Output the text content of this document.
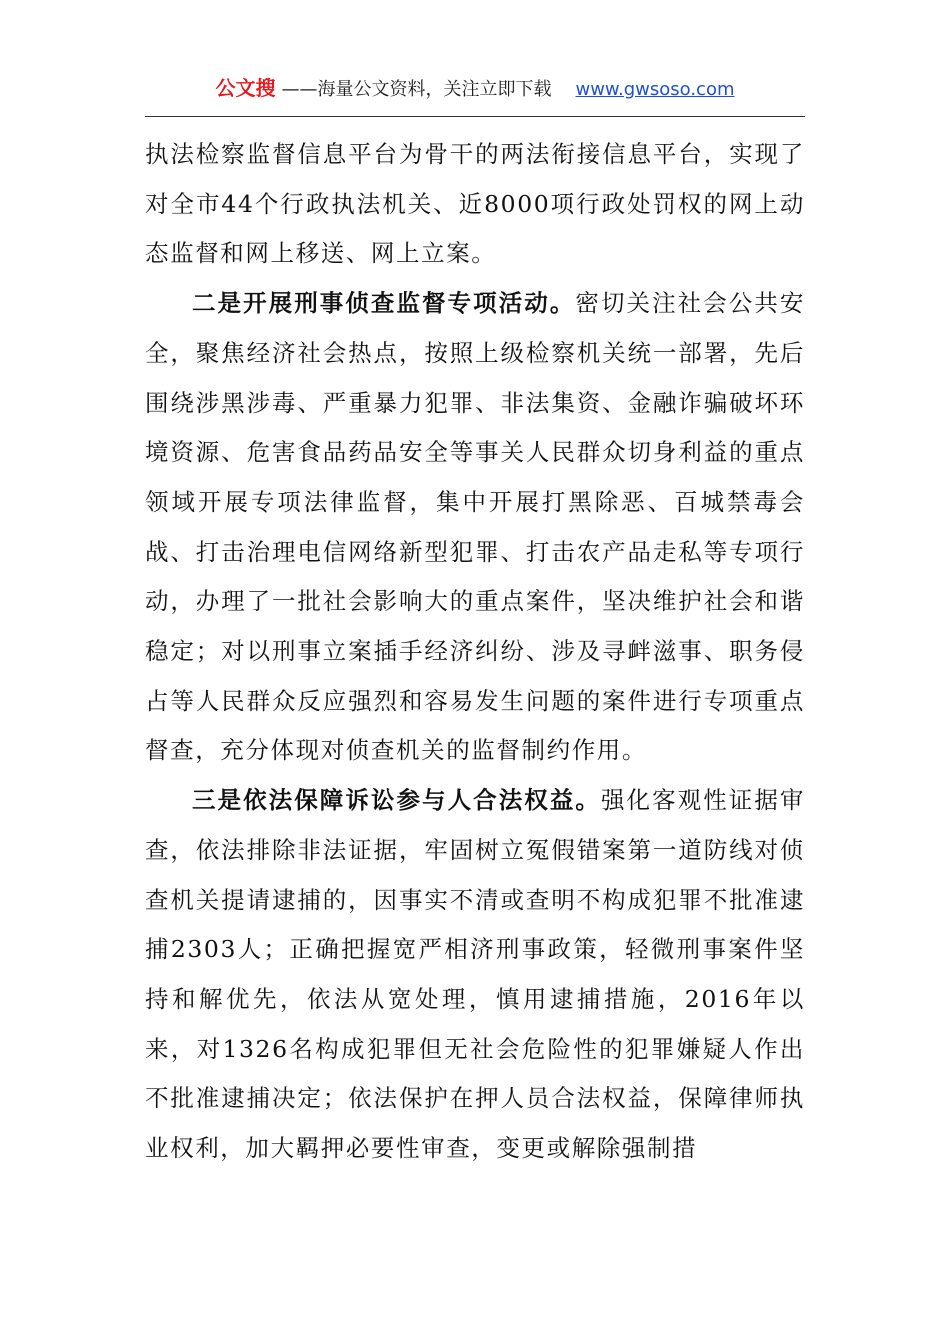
公文搜 ——海量公文资料，关注立即下载 www.gwsoso.com

执法检察监督信息平台为骨干的两法衔接信息平台，实现了对全市44个行政执法机关、近8000项行政处罚权的网上动态监督和网上移送、网上立案。

二是开展刑事侦查监督专项活动。密切关注社会公共安全，聚焦经济社会热点，按照上级检察机关统一部署，先后围绕涉黑涉毒、严重暴力犯罪、非法集资、金融诈骗破坏环境资源、危害食品药品安全等事关人民群众切身利益的重点领域开展专项法律监督，集中开展打黑除恶、百城禁毒会战、打击治理电信网络新型犯罪、打击农产品走私等专项行动，办理了一批社会影响大的重点案件，坚决维护社会和谐稳定；对以刑事立案插手经济纠纷、涉及寻衅滋事、职务侵占等人民群众反应强烈和容易发生问题的案件进行专项重点督查，充分体现对侦查机关的监督制约作用。

三是依法保障诉讼参与人合法权益。强化客观性证据审查，依法排除非法证据，牢固树立冤假错案第一道防线对侦查机关提请逮捕的，因事实不清或查明不构成犯罪不批准逮捕2303人；正确把握宽严相济刑事政策，轻微刑事案件坚持和解优先，依法从宽处理，慎用逮捕措施，2016年以来，对1326名构成犯罪但无社会危险性的犯罪嫌疑人作出不批准逮捕决定；依法保护在押人员合法权益，保障律师执业权利，加大羁押必要性审查，变更或解除强制措
